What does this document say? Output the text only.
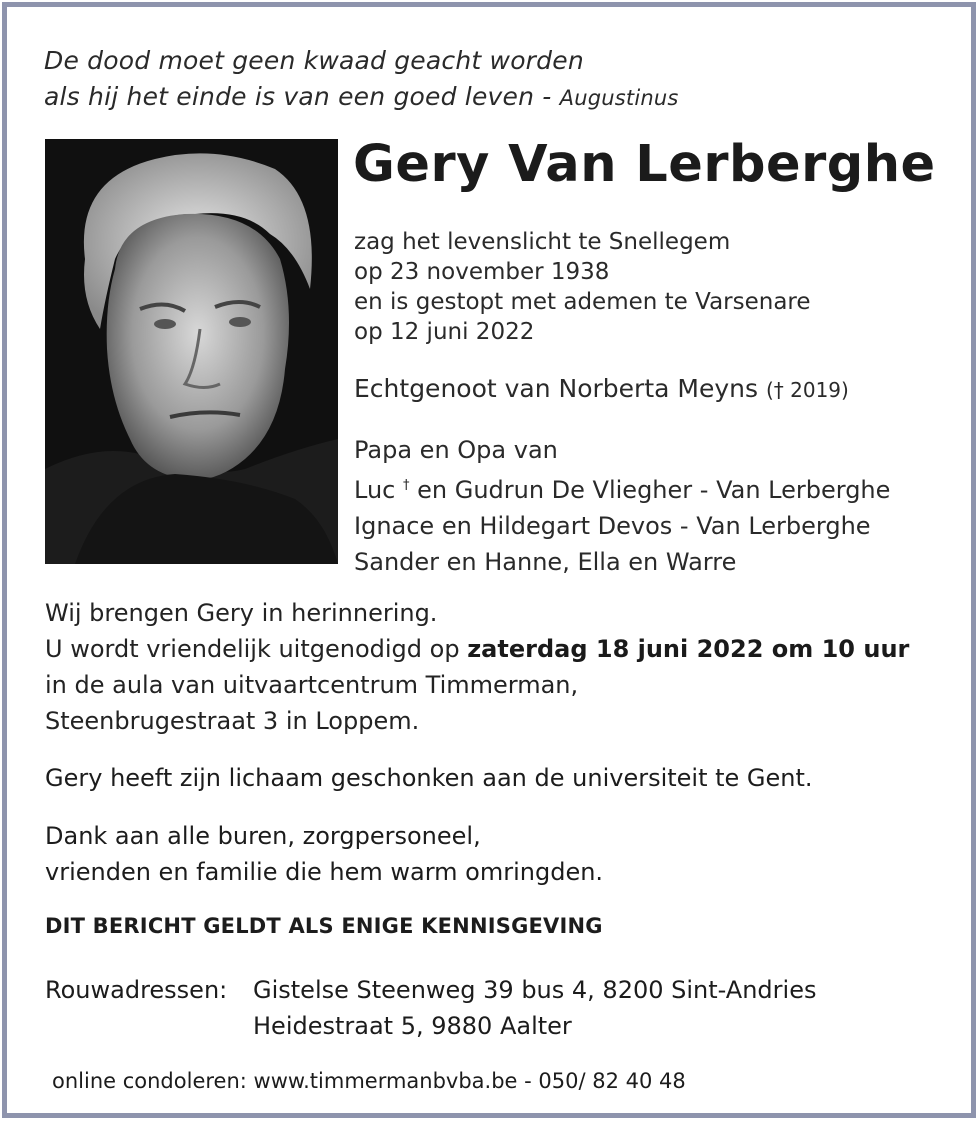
De dood moet geen kwaad geacht worden
als hij het einde is van een goed leven - Augustinus
Gery Van Lerberghe
zag het levenslicht te Snellegem
op 23 november 1938
en is gestopt met ademen te Varsenare
op 12 juni 2022
Echtgenoot van Norberta Meyns († 2019)
Papa en Opa van
Luc † en Gudrun De Vliegher - Van Lerberghe
Ignace en Hildegart Devos - Van Lerberghe
Sander en Hanne, Ella en Warre
Wij brengen Gery in herinnering.
U wordt vriendelijk uitgenodigd op zaterdag 18 juni 2022 om 10 uur
in de aula van uitvaartcentrum Timmerman,
Steenbrugestraat 3 in Loppem.
Gery heeft zijn lichaam geschonken aan de universiteit te Gent.
Dank aan alle buren, zorgpersoneel,
vrienden en familie die hem warm omringden.
DIT BERICHT GELDT ALS ENIGE KENNISGEVING
Rouwadressen: Gistelse Steenweg 39 bus 4, 8200 Sint-Andries
Heidestraat 5, 9880 Aalter
online condoleren: www.timmermanbvba.be - 050/ 82 40 48
